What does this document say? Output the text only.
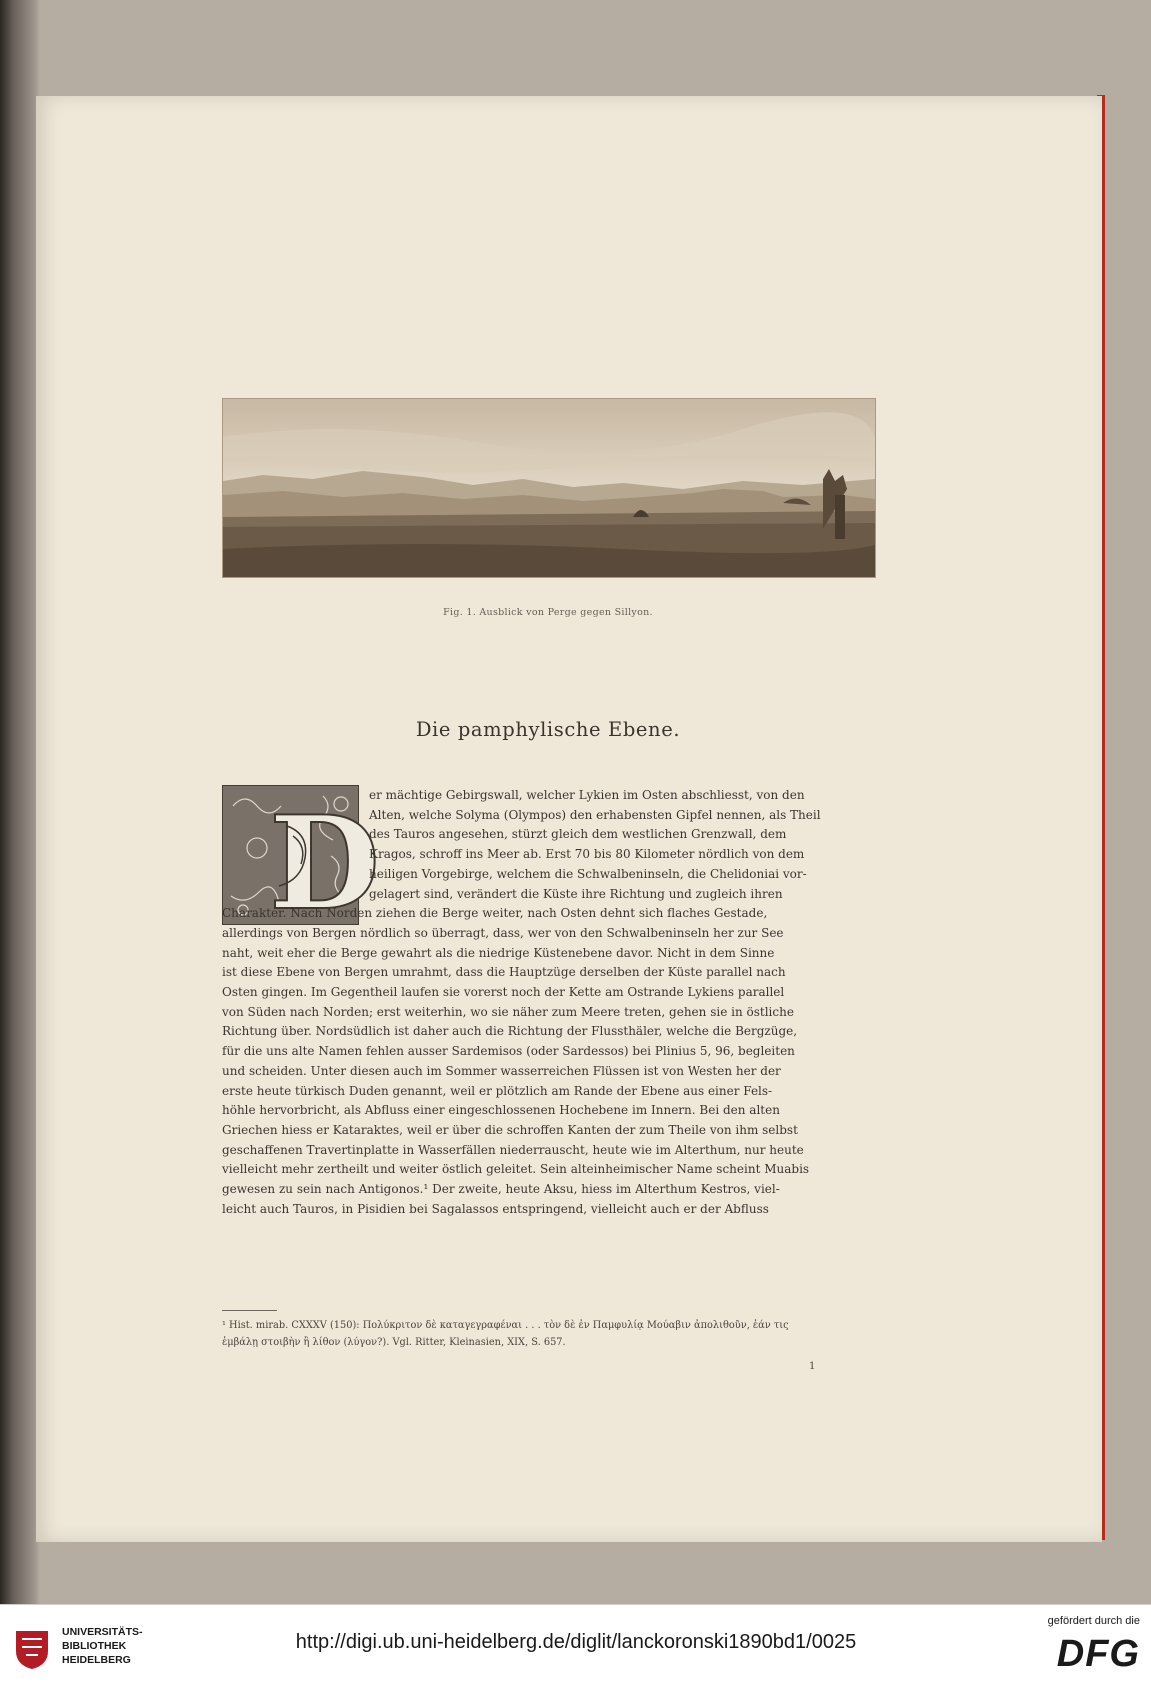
Fig. 1. Ausblick von Perge gegen Sillyon.
Die pamphylische Ebene.
D
er mächtige Gebirgswall, welcher Lykien im Osten abschliesst, von den
Alten, welche Solyma (Olympos) den erhabensten Gipfel nennen, als Theil
des Tauros angesehen, stürzt gleich dem westlichen Grenzwall, dem
Kragos, schroff ins Meer ab. Erst 70 bis 80 Kilometer nördlich von dem
heiligen Vorgebirge, welchem die Schwalbeninseln, die Chelidoniai vor-
gelagert sind, verändert die Küste ihre Richtung und zugleich ihren
Charakter. Nach Norden ziehen die Berge weiter, nach Osten dehnt sich flaches Gestade,
allerdings von Bergen nördlich so überragt, dass, wer von den Schwalbeninseln her zur See
naht, weit eher die Berge gewahrt als die niedrige Küstenebene davor. Nicht in dem Sinne
ist diese Ebene von Bergen umrahmt, dass die Hauptzüge derselben der Küste parallel nach
Osten gingen. Im Gegentheil laufen sie vorerst noch der Kette am Ostrande Lykiens parallel
von Süden nach Norden; erst weiterhin, wo sie näher zum Meere treten, gehen sie in östliche
Richtung über. Nordsüdlich ist daher auch die Richtung der Flussthäler, welche die Bergzüge,
für die uns alte Namen fehlen ausser Sardemisos (oder Sardessos) bei Plinius 5, 96, begleiten
und scheiden. Unter diesen auch im Sommer wasserreichen Flüssen ist von Westen her der
erste heute türkisch Duden genannt, weil er plötzlich am Rande der Ebene aus einer Fels-
höhle hervorbricht, als Abfluss einer eingeschlossenen Hochebene im Innern. Bei den alten
Griechen hiess er Kataraktes, weil er über die schroffen Kanten der zum Theile von ihm selbst
geschaffenen Travertinplatte in Wasserfällen niederrauscht, heute wie im Alterthum, nur heute
vielleicht mehr zertheilt und weiter östlich geleitet. Sein alteinheimischer Name scheint Muabis
gewesen zu sein nach Antigonos.¹ Der zweite, heute Aksu, hiess im Alterthum Kestros, viel-
leicht auch Tauros, in Pisidien bei Sagalassos entspringend, vielleicht auch er der Abfluss
¹ Hist. mirab. CXXXV (150): Πολύκριτον δὲ καταγεγραφέναι . . . τὸν δὲ ἐν Παμφυλίᾳ Μούαβιν ἀπολιθοῦν, ἐάν τις
ἐμβάλῃ στοιβὴν ἢ λίθον (λύγον?). Vgl. Ritter, Kleinasien, XIX, S. 657.
1
UNIVERSITÄTS-
BIBLIOTHEK
HEIDELBERG
http://digi.ub.uni-heidelberg.de/diglit/lanckoronski1890bd1/0025
gefördert durch die
DFG
